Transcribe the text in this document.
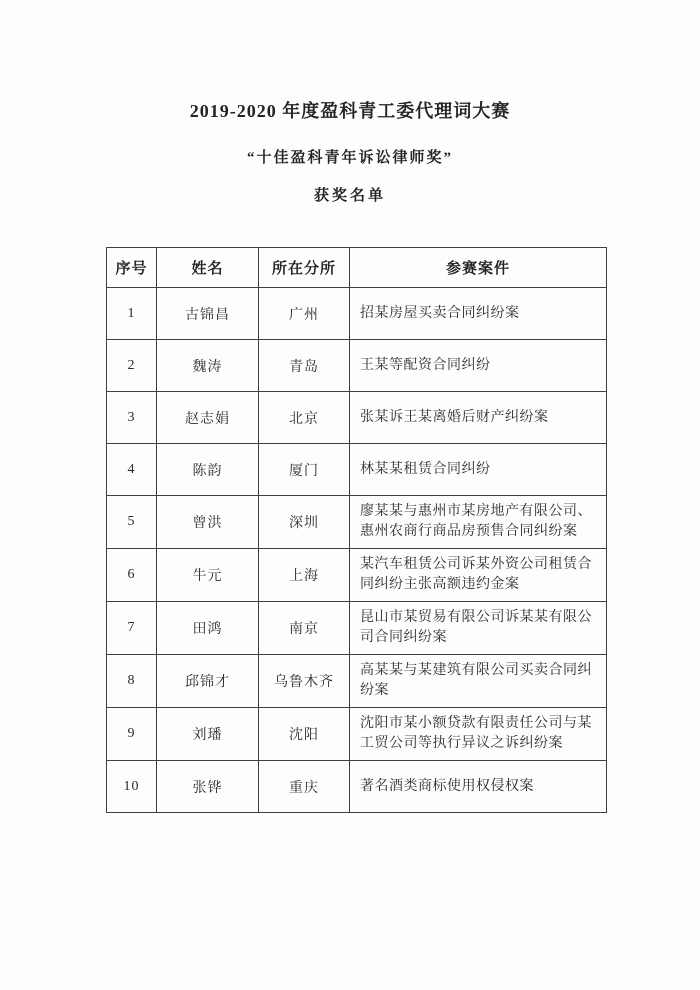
2019-2020 年度盈科青工委代理词大赛

“十佳盈科青年诉讼律师奖”

获奖名单

序号	姓名	所在分所	参赛案件
1	古锦昌	广州	招某房屋买卖合同纠纷案
2	魏涛	青岛	王某等配资合同纠纷
3	赵志娟	北京	张某诉王某离婚后财产纠纷案
4	陈韵	厦门	林某某租赁合同纠纷
5	曾洪	深圳	廖某某与惠州市某房地产有限公司、惠州农商行商品房预售合同纠纷案
6	牛元	上海	某汽车租赁公司诉某外资公司租赁合同纠纷主张高额违约金案
7	田鸿	南京	昆山市某贸易有限公司诉某某有限公司合同纠纷案
8	邱锦才	乌鲁木齐	高某某与某建筑有限公司买卖合同纠纷案
9	刘璠	沈阳	沈阳市某小额贷款有限责任公司与某工贸公司等执行异议之诉纠纷案
10	张铧	重庆	著名酒类商标使用权侵权案
